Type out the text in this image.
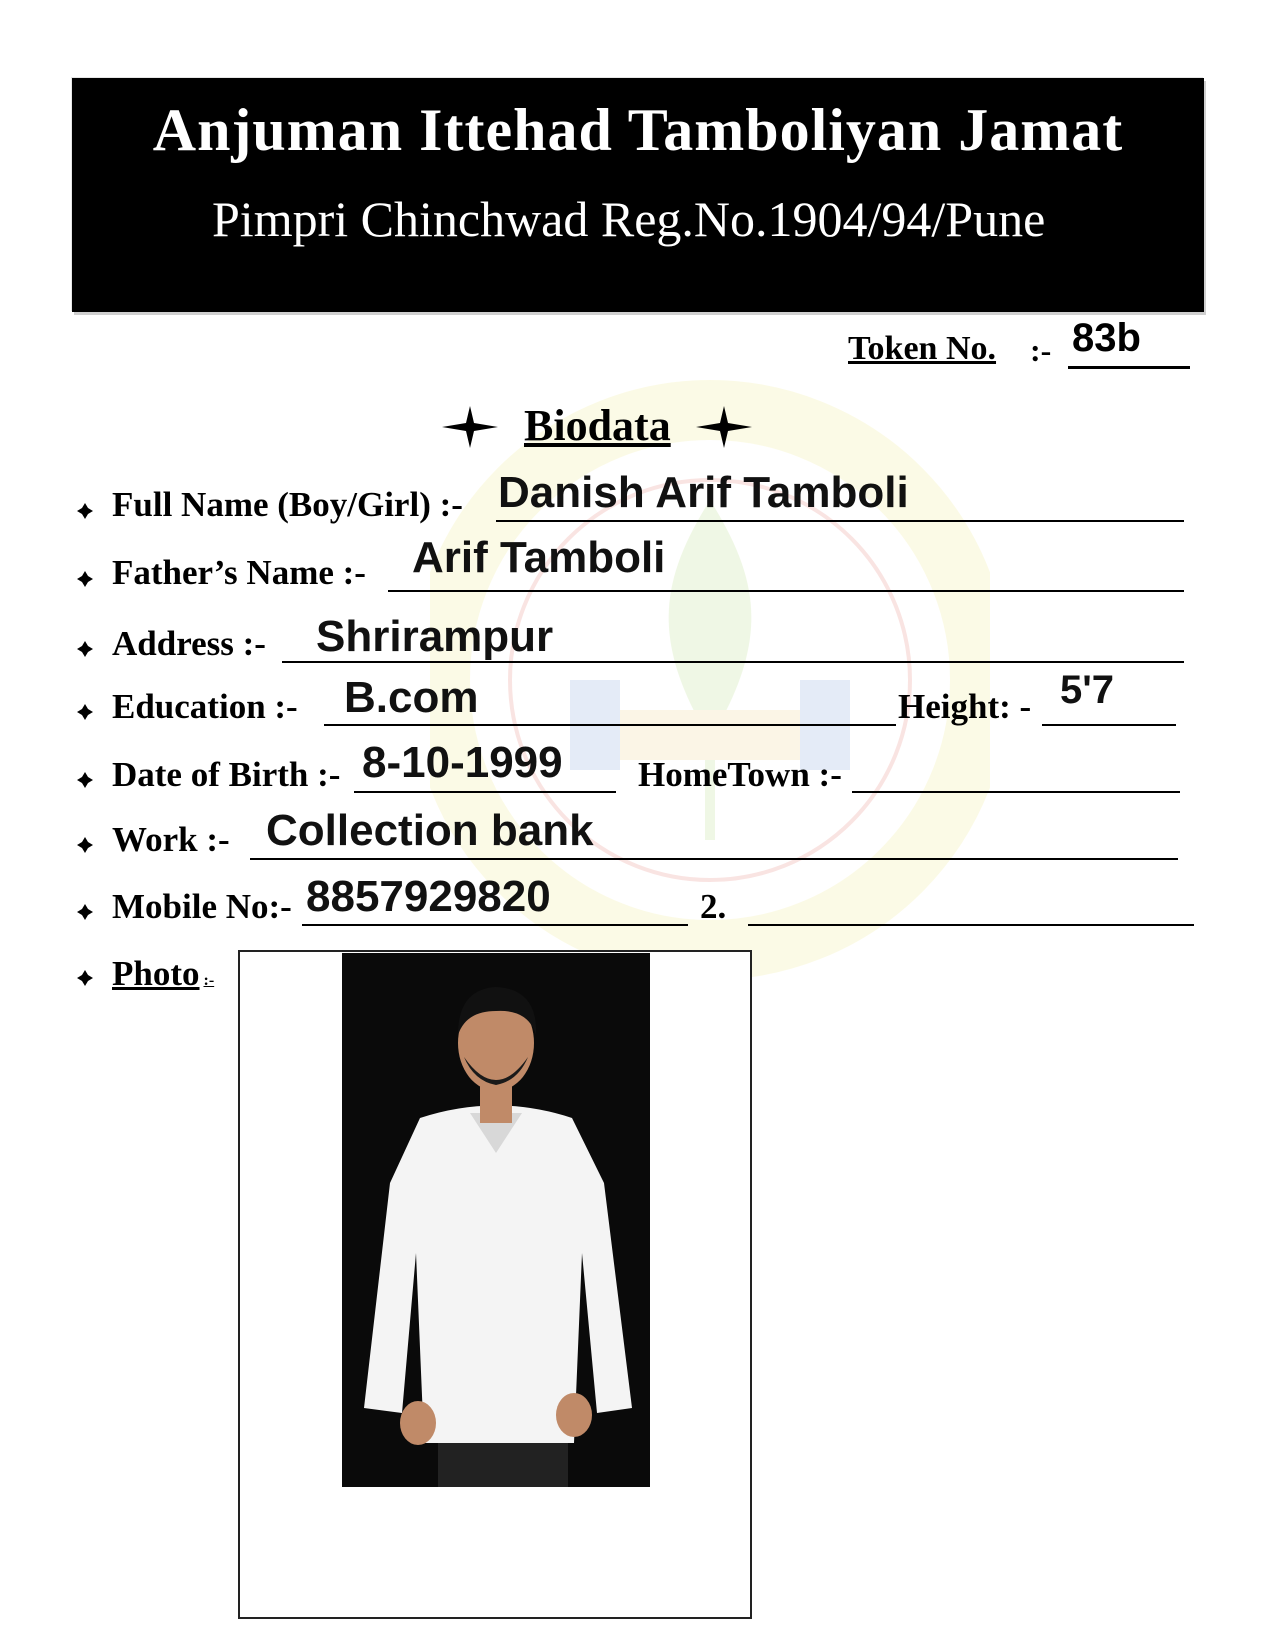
Anjuman Ittehad Tamboliyan Jamat
Pimpri Chinchwad Reg.No.1904/94/Pune
Token No. :- 83b
Biodata
Full Name (Boy/Girl) :- Danish Arif Tamboli
Father’s Name :- Arif Tamboli
Address :- Shrirampur
Education :- B.com	Height: - 5'7
Date of Birth :- 8-10-1999 HomeTown :-
Work :- Collection bank
Mobile No:- 8857929820	2.
Photo :-
